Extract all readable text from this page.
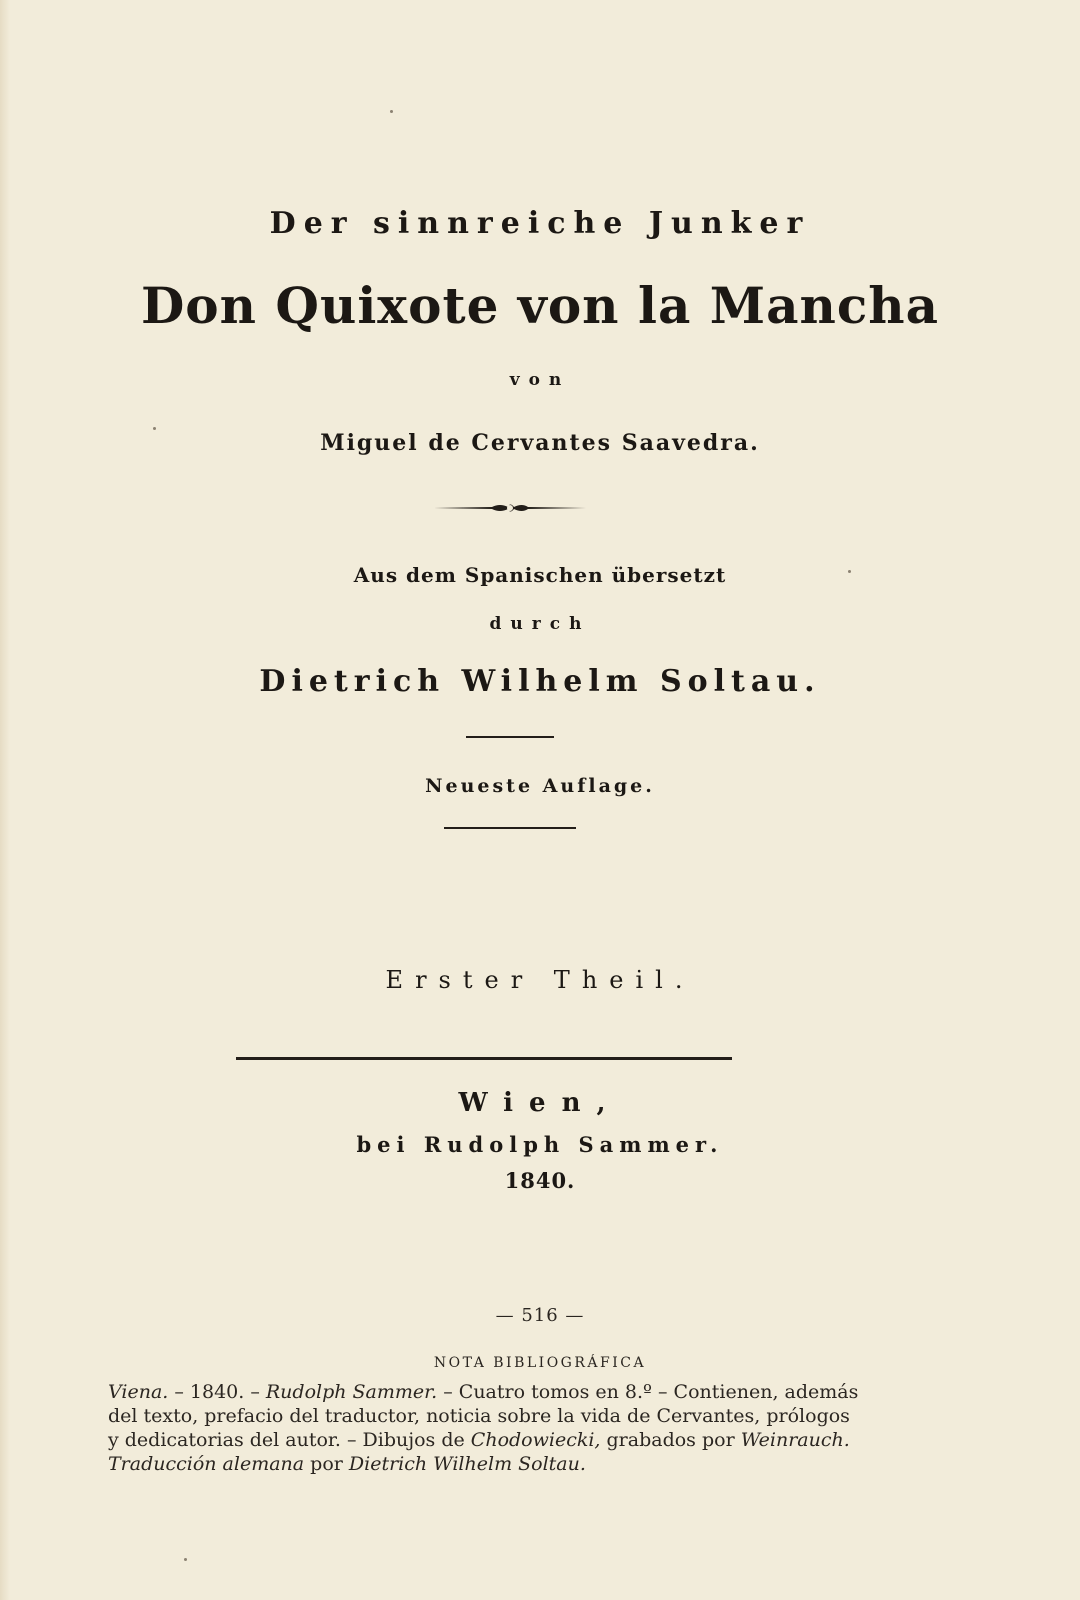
Der sinnreiche Junker
Don Quixote von la Mancha
von
Miguel de Cervantes Saavedra.
Aus dem Spanischen übersetzt
durch
Dietrich Wilhelm Soltau.
Neueste Auflage.
Erster Theil.
Wien,
bei Rudolph Sammer.
1840.
— 516 —
NOTA BIBLIOGRÁFICA
Viena. – 1840. – Rudolph Sammer. – Cuatro tomos en 8.º – Contienen, además
del texto, prefacio del traductor, noticia sobre la vida de Cervantes, prólogos
y dedicatorias del autor. – Dibujos de Chodowiecki, grabados por Weinrauch.
Traducción alemana por Dietrich Wilhelm Soltau.
